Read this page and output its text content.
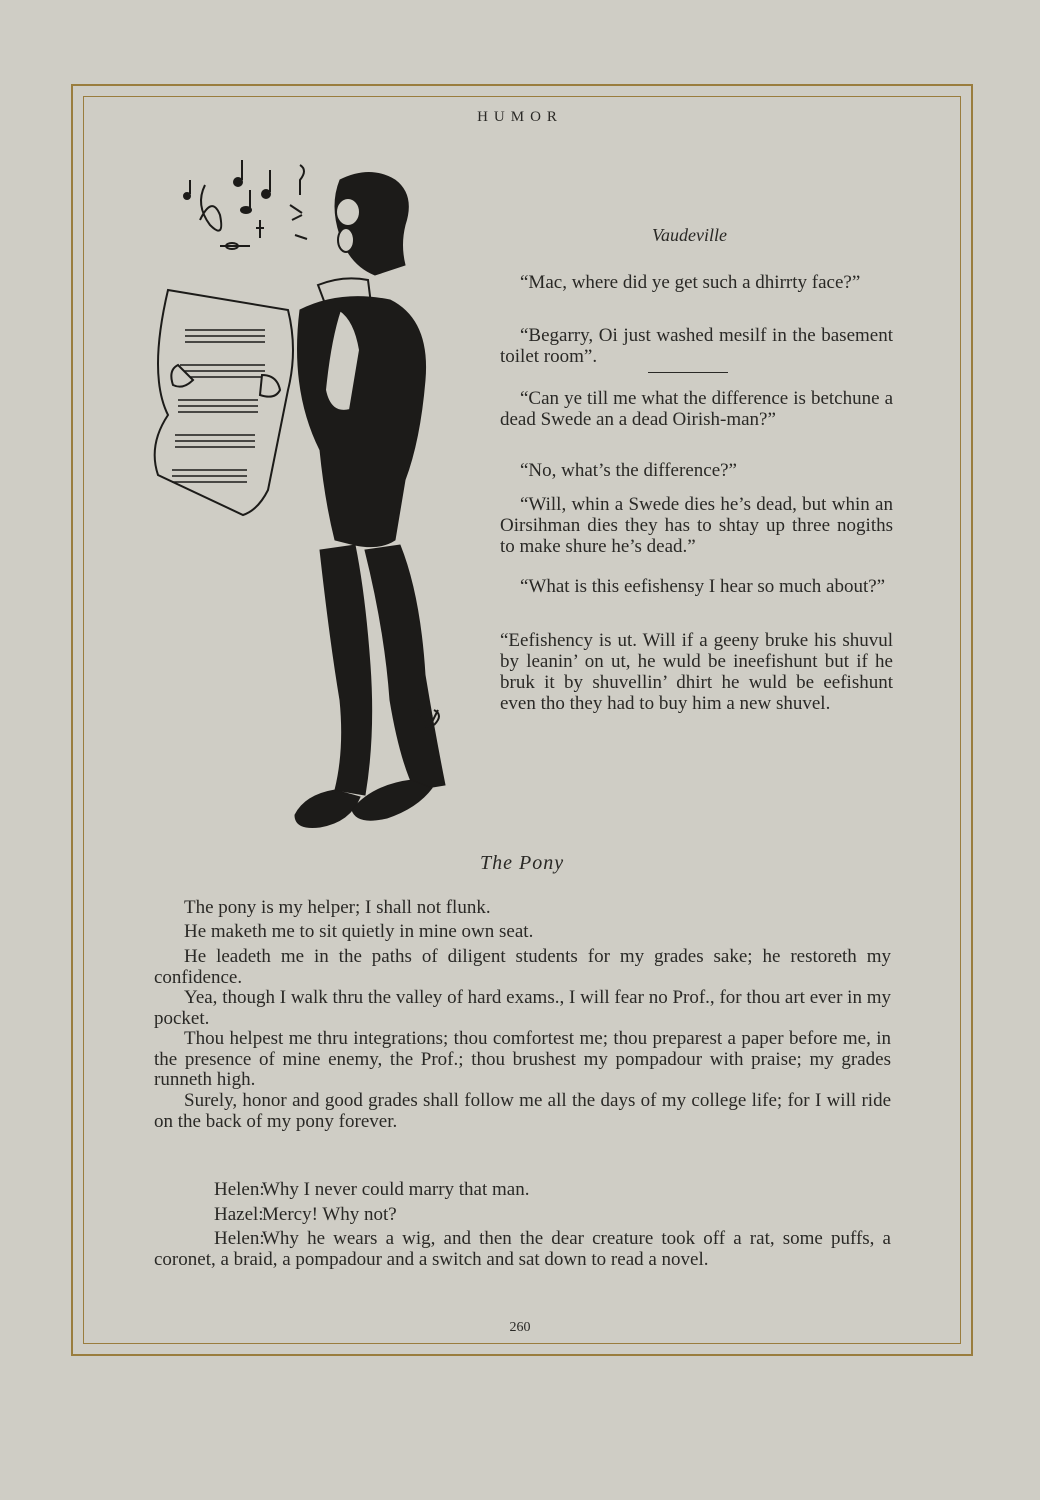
HUMOR
Vaudeville

“Mac, where did ye get such a dhirrty face?”

“Begarry, Oi just washed mesilf in the basement toilet room”.

“Can ye till me what the difference is betchune a dead Swede an a dead Oirish-man?”

“No, what’s the difference?”

“Will, whin a Swede dies he’s dead, but whin an Oirsihman dies they has to shtay up three nogiths to make shure he’s dead.”

“What is this eefishensy I hear so much about?”

“Eefishency is ut. Will if a geeny bruke his shuvul by leanin’ on ut, he wuld be ineefishunt but if he bruk it by shuvellin’ dhirt he wuld be eefishunt even tho they had to buy him a new shuvel.

The Pony

The pony is my helper; I shall not flunk.

He maketh me to sit quietly in mine own seat.

He leadeth me in the paths of diligent students for my grades sake; he restoreth my confidence.

Yea, though I walk thru the valley of hard exams., I will fear no Prof., for thou art ever in my pocket.

Thou helpest me thru integrations; thou comfortest me; thou preparest a paper before me, in the presence of mine enemy, the Prof.; thou brushest my pompadour with praise; my grades runneth high.

Surely, honor and good grades shall follow me all the days of my college life; for I will ride on the back of my pony forever.

Helen:Why I never could marry that man.

Hazel:Mercy! Why not?

Helen:Why he wears a wig, and then the dear creature took off a rat, some puffs, a coronet, a braid, a pompadour and a switch and sat down to read a novel.

260
